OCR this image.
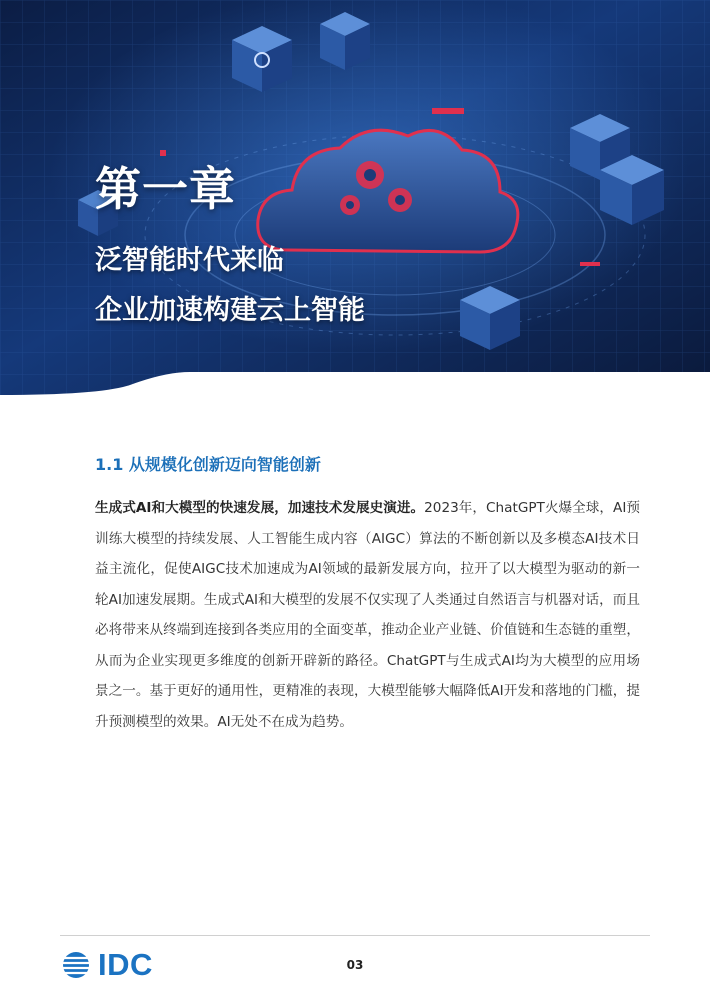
第一章
泛智能时代来临
企业加速构建云上智能
1.1 从规模化创新迈向智能创新

生成式AI和大模型的快速发展，加速技术发展史演进。2023年，ChatGPT火爆全球，AI预训练大模型的持续发展、人工智能生成内容（AIGC）算法的不断创新以及多模态AI技术日益主流化，促使AIGC技术加速成为AI领域的最新发展方向，拉开了以大模型为驱动的新一轮AI加速发展期。生成式AI和大模型的发展不仅实现了人类通过自然语言与机器对话，而且必将带来从终端到连接到各类应用的全面变革，推动企业产业链、价值链和生态链的重塑，从而为企业实现更多维度的创新开辟新的路径。ChatGPT与生成式AI均为大模型的应用场景之一。基于更好的通用性，更精准的表现，大模型能够大幅降低AI开发和落地的门槛，提升预测模型的效果。AI无处不在成为趋势。

IDC	03
